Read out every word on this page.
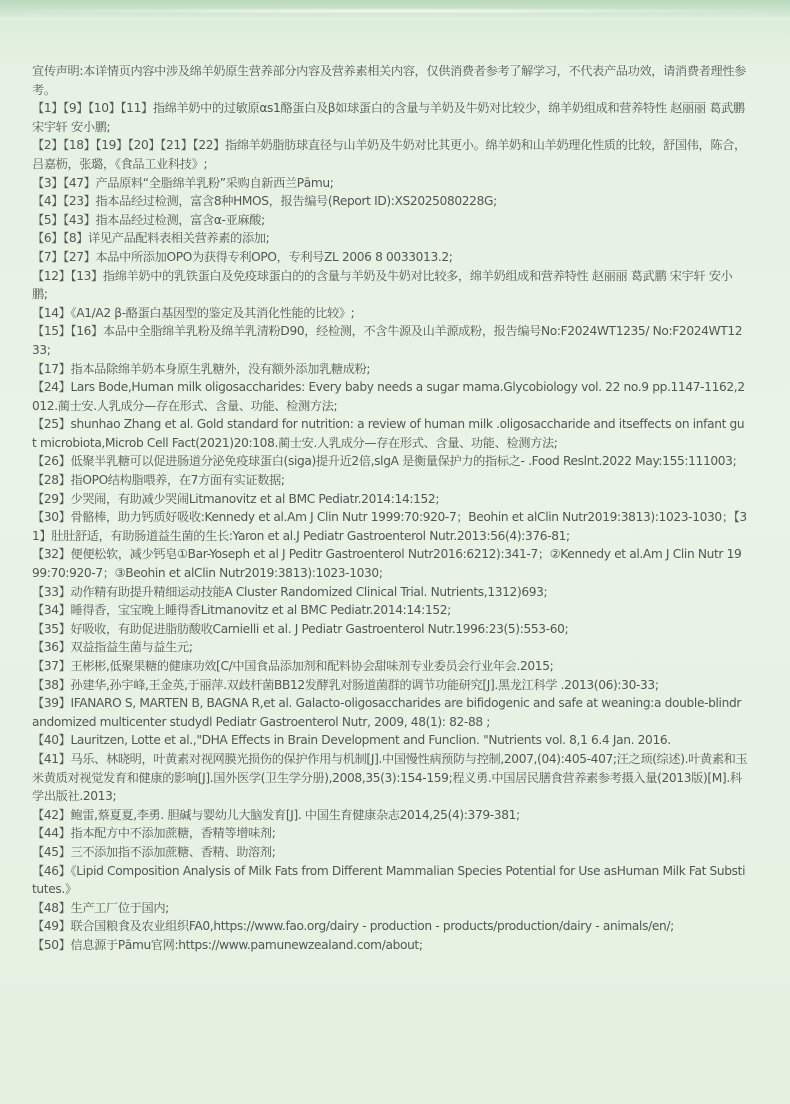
宣传声明:本详情页内容中涉及绵羊奶原生营养部分内容及营养素相关内容，仅供消费者参考了解学习，不代表产品功效，请消费者理性参考。

【1】【9】【10】【11】指绵羊奶中的过敏原αs1酪蛋白及β如球蛋白的含量与羊奶及牛奶对比较少，绵羊奶组成和营养特性 赵丽丽 葛武鹏 宋宇轩 安小鹏;

【2】【18】【19】【20】【21】【22】指绵羊奶脂肪球直径与山羊奶及牛奶对比其更小。绵羊奶和山羊奶理化性质的比较，舒国伟，陈合，吕嘉枥，张璐，《食品工业科技》;

【3】【47】产品原料“全脂绵羊乳粉”采购自新西兰Pāmu;

【4】【23】指本品经过检测，富含8种HMOS，报告编号(Report ID):XS2025080228G;

【5】【43】指本品经过检测，富含α-亚麻酸;

【6】【8】详见产品配料表相关营养素的添加;

【7】【27】本品中所添加OPO为获得专利OPO，专利号ZL 2006 8 0033013.2;

【12】【13】指绵羊奶中的乳铁蛋白及免疫球蛋白的的含量与羊奶及牛奶对比较多，绵羊奶组成和营养特性 赵丽丽 葛武鹏 宋宇轩 安小鹏;

【14】《A1/A2 β-酪蛋白基因型的鉴定及其消化性能的比较》;

【15】【16】本品中全脂绵羊乳粉及绵羊乳清粉D90，经检测，不含牛源及山羊源成粉，报告编号No:F2024WT1235/ No:F2024WT1233;

【17】指本品除绵羊奶本身原生乳糖外，没有额外添加乳糖成粉;

【24】Lars Bode,Human milk oligosaccharides: Every baby needs a sugar mama.Glycobiology vol. 22 no.9 pp.1147-1162,2012.蔺士安.人乳成分—存在形式、含量、功能、检测方法;

【25】shunhao Zhang et al. Gold standard for nutrition: a review of human milk .oligosaccharide and itseffects on infant gut microbiota,Microb Cell Fact(2021)20:108.蔺士安.人乳成分—存在形式、含量、功能、检测方法;

【26】低聚半乳糖可以促进肠道分泌免疫球蛋白(siga)提升近2倍,slgA 是衡量保护力的指标之- .Food Reslnt.2022 May:155:111003;

【28】指OPO结构脂喂养，在7方面有实证数据;

【29】少哭闹，有助减少哭闹Litmanovitz et al BMC Pediatr.2014:14:152;

【30】骨骼棒，助力钙质好吸收:Kennedy et al.Am J Clin Nutr 1999:70:920-7；Beohin et alClin Nutr2019:3813):1023-1030；【31】肚肚舒适，有助肠道益生菌的生长:Yaron et al.J Pediatr Gastroenterol Nutr.2013:56(4):376-81;

【32】便便松软，减少钙皂①Bar-Yoseph et al J Peditr Gastroenterol Nutr2016:6212):341-7；②Kennedy et al.Am J Clin Nutr 1999:70:920-7；③Beohin et alClin Nutr2019:3813):1023-1030;

【33】动作精有助提升精细运动技能A Cluster Randomized Clinical Trial. Nutrients,1312)693;

【34】睡得香，宝宝晚上睡得香Litmanovitz et al BMC Pediatr.2014:14:152;

【35】好吸收，有助促进脂肪酸收Carnielli et al. J Pediatr Gastroenterol Nutr.1996:23(5):553-60;

【36】双益指益生菌与益生元;

【37】王彬彬,低聚果糖的健康功效[C/中国食品添加剂和配料协会甜味剂专业委员会行业年会.2015;

【38】孙建华,孙宇峰,王金英,于丽萍.双歧杆菌BB12发酵乳对肠道菌群的调节功能研究[J].黑龙江科学 .2013(06):30-33;

【39】IFANARO S, MARTEN B, BAGNA R,et al. Galacto-oligosaccharides are bifidogenic and safe at weaning:a double-blindrandomized multicenter studydl Pediatr Gastroenterol Nutr, 2009, 48(1): 82-88 ;

【40】Lauritzen, Lotte et al.,"DHA Effects in Brain Development and Funclion. "Nutrients vol. 8,1 6.4 Jan. 2016.

【41】马乐、林晓明，叶黄素对视网膜光损伤的保护作用与机制[J].中国慢性病预防与控制,2007,(04):405-407;汪之顼(综述).叶黄素和玉米黄质对视觉发育和健康的影响[J].国外医学(卫生学分册),2008,35(3):154-159;程义勇.中国居民膳食营养素参考摄入量(2013版)[M].科学出版社.2013;

【42】鲍雷,蔡夏夏,李勇. 胆碱与婴幼儿大脑发育[J]. 中国生育健康杂志2014,25(4):379-381;

【44】指本配方中不添加蔗糖，香精等增味剂;

【45】三不添加指不添加蔗糖、香精、助溶剂;

【46】《Lipid Composition Analysis of Milk Fats from Different Mammalian Species Potential for Use asHuman Milk Fat Substitutes.》

【48】生产工厂位于国内;

【49】联合国粮食及农业组织FA0,https://www.fao.org/dairy - production - products/production/dairy - animals/en/;

【50】信息源于Pāmu官网:https://www.pamunewzealand.com/about;
